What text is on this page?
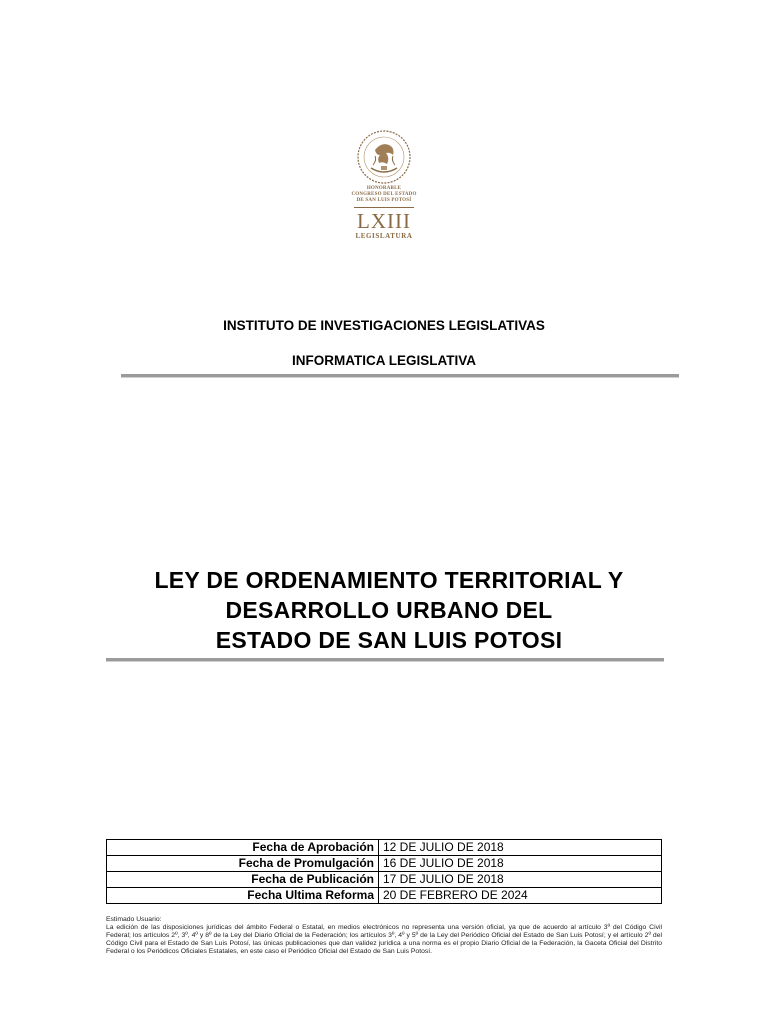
HONORABLE
CONGRESO DEL ESTADO
DE SAN LUIS POTOSÍ
LXIII
LEGISLATURA
INSTITUTO DE INVESTIGACIONES LEGISLATIVAS
INFORMATICA LEGISLATIVA
LEY DE ORDENAMIENTO TERRITORIAL Y
DESARROLLO URBANO DEL
ESTADO DE SAN LUIS POTOSI
Fecha de Aprobación	12 DE JULIO DE 2018
Fecha de Promulgación	16 DE JULIO DE 2018
Fecha de Publicación	17 DE JULIO DE 2018
Fecha Ultima Reforma	20 DE FEBRERO DE 2024
Estimado Usuario:
La edición de las disposiciones jurídicas del ámbito Federal o Estatal, en medios electrónicos no representa una versión oficial, ya que de acuerdo al artículo 3º del Código Civil Federal; los artículos 2º, 3º, 4º y 8º de la Ley del Diario Oficial de la Federación; los artículos 3º, 4º y 5º de la Ley del Periódico Oficial del Estado de San Luis Potosí; y el artículo 2º del Código Civil para el Estado de San Luis Potosí, las únicas publicaciones que dan validez jurídica a una norma es el propio Diario Oficial de la Federación, la Gaceta Oficial del Distrito Federal o los Periódicos Oficiales Estatales, en este caso el Periódico Oficial del Estado de San Luis Potosí.
